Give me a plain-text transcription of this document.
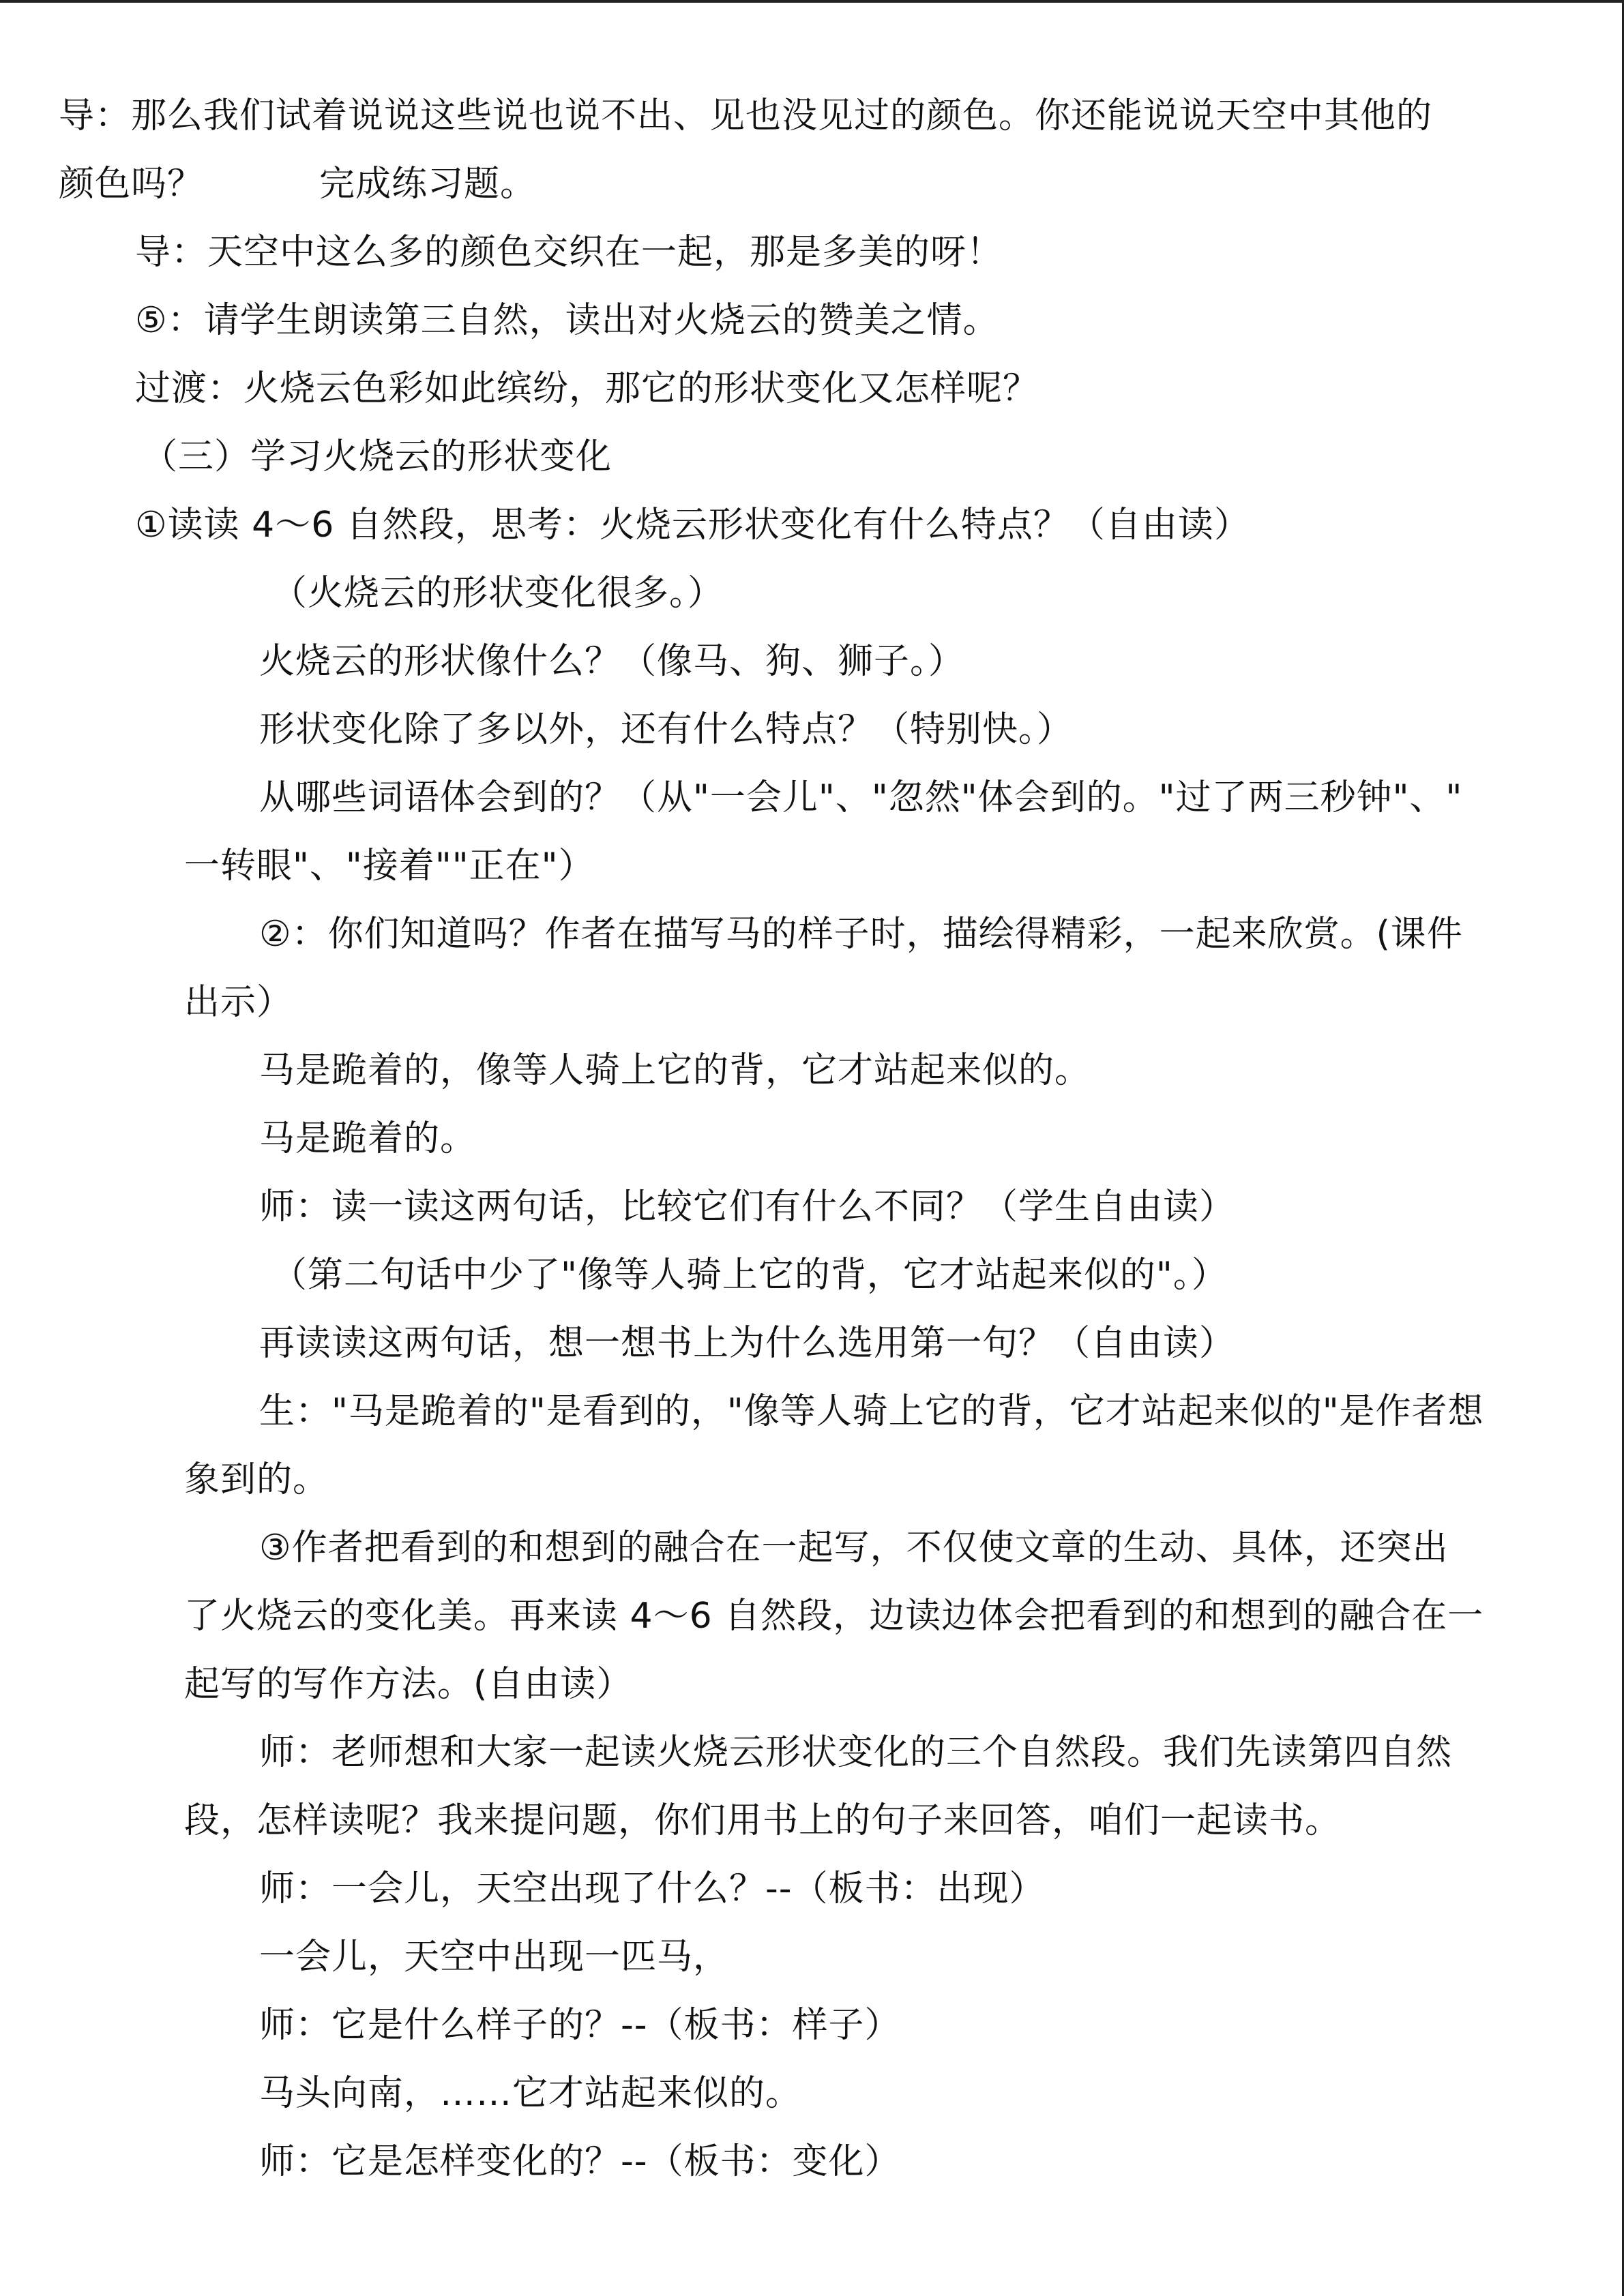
导：那么我们试着说说这些说也说不出、见也没见过的颜色。你还能说说天空中其他的
颜色吗？	完成练习题。
导：天空中这么多的颜色交织在一起，那是多美的呀！
⑤：请学生朗读第三自然，读出对火烧云的赞美之情。
过渡：火烧云色彩如此缤纷，那它的形状变化又怎样呢？
（三）学习火烧云的形状变化
①读读 4～6 自然段，思考：火烧云形状变化有什么特点？（自由读）
（火烧云的形状变化很多。）
火烧云的形状像什么？（像马、狗、狮子。）
形状变化除了多以外，还有什么特点？（特别快。）
从哪些词语体会到的？（从"一会儿"、"忽然"体会到的。"过了两三秒钟"、"
一转眼"、"接着""正在"）
②：你们知道吗？作者在描写马的样子时，描绘得精彩，一起来欣赏。(课件
出示）
马是跪着的，像等人骑上它的背，它才站起来似的。
马是跪着的。
师：读一读这两句话，比较它们有什么不同？（学生自由读）
（第二句话中少了"像等人骑上它的背，它才站起来似的"。）
再读读这两句话，想一想书上为什么选用第一句？（自由读）
生："马是跪着的"是看到的，"像等人骑上它的背，它才站起来似的"是作者想
象到的。
③作者把看到的和想到的融合在一起写，不仅使文章的生动、具体，还突出
了火烧云的变化美。再来读 4～6 自然段，边读边体会把看到的和想到的融合在一
起写的写作方法。(自由读）
师：老师想和大家一起读火烧云形状变化的三个自然段。我们先读第四自然
段，怎样读呢？我来提问题，你们用书上的句子来回答，咱们一起读书。
师：一会儿，天空出现了什么？--（板书：出现）
一会儿，天空中出现一匹马，
师：它是什么样子的？--（板书：样子）
马头向南，……它才站起来似的。
师：它是怎样变化的？--（板书：变化）
